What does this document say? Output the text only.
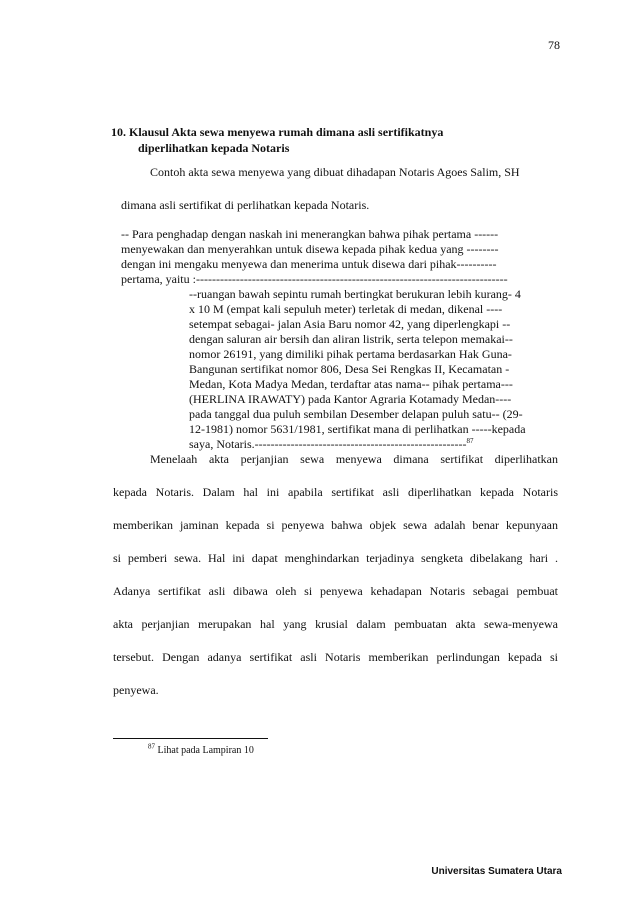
78
10. Klausul Akta sewa menyewa rumah dimana asli sertifikatnya
diperlihatkan kepada Notaris
Contoh akta sewa menyewa yang dibuat dihadapan Notaris Agoes Salim, SH
dimana asli sertifikat di perlihatkan kepada Notaris.
-- Para penghadap dengan naskah ini menerangkan bahwa pihak pertama ------
menyewakan dan menyerahkan untuk disewa kepada pihak kedua yang --------
dengan ini mengaku menyewa dan menerima untuk disewa dari pihak----------
pertama, yaitu :------------------------------------------------------------------------------
--ruangan bawah sepintu rumah bertingkat berukuran lebih kurang- 4
x 10 M (empat kali sepuluh meter) terletak di medan, dikenal ----
setempat sebagai- jalan Asia Baru nomor 42, yang diperlengkapi --
dengan saluran air bersih dan aliran listrik, serta telepon memakai--
nomor 26191, yang dimiliki pihak pertama berdasarkan Hak Guna-
Bangunan sertifikat nomor 806, Desa Sei Rengkas II, Kecamatan -
Medan, Kota Madya Medan, terdaftar atas nama-- pihak pertama---
(HERLINA IRAWATY) pada Kantor Agraria Kotamady Medan----
pada tanggal dua puluh sembilan Desember delapan puluh satu-- (29-
12-1981) nomor 5631/1981, sertifikat mana di perlihatkan -----kepada
saya, Notaris.-----------------------------------------------------$^{87}$
Menelaah akta perjanjian sewa menyewa dimana sertifikat diperlihatkan
kepada Notaris. Dalam hal ini apabila sertifikat asli diperlihatkan kepada Notaris
memberikan jaminan kepada si penyewa bahwa objek sewa adalah benar kepunyaan
si pemberi sewa. Hal ini dapat menghindarkan terjadinya sengketa dibelakang hari .
Adanya sertifikat asli dibawa oleh si penyewa kehadapan Notaris sebagai pembuat
akta perjanjian merupakan hal yang krusial dalam pembuatan akta sewa-menyewa
tersebut. Dengan adanya sertifikat asli Notaris memberikan perlindungan kepada si
penyewa.
$^{87}$ Lihat pada Lampiran 10
Universitas Sumatera Utara
